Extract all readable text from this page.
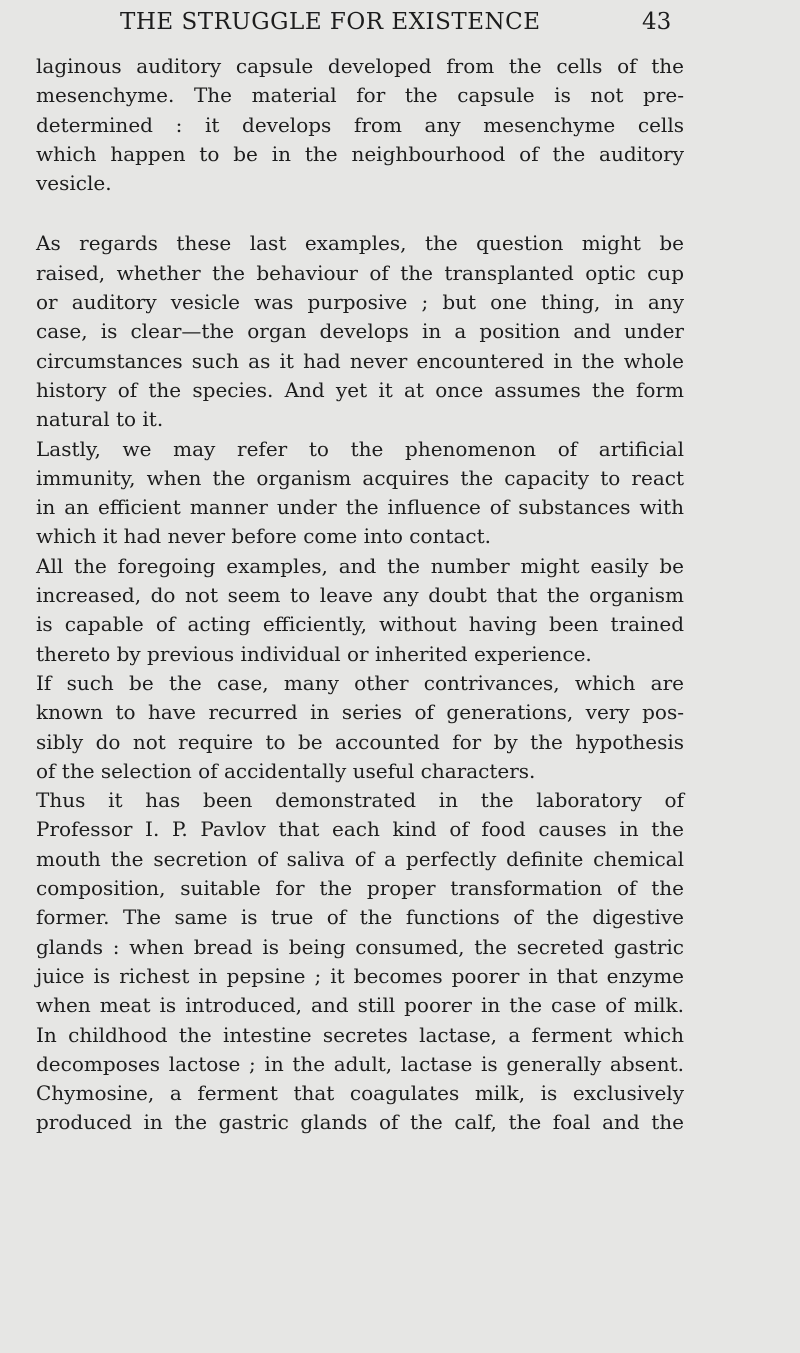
THE STRUGGLE FOR EXISTENCE	43
laginous auditory capsule developed from the cells of the
mesenchyme. The material for the capsule is not pre-
determined : it develops from any mesenchyme cells
which happen to be in the neighbourhood of the auditory
vesicle.
As regards these last examples, the question might be
raised, whether the behaviour of the transplanted optic cup
or auditory vesicle was purposive ; but one thing, in any
case, is clear—the organ develops in a position and under
circumstances such as it had never encountered in the whole
history of the species. And yet it at once assumes the form
natural to it.
Lastly, we may refer to the phenomenon of artificial
immunity, when the organism acquires the capacity to react
in an efficient manner under the influence of substances with
which it had never before come into contact.
All the foregoing examples, and the number might easily be
increased, do not seem to leave any doubt that the organism
is capable of acting efficiently, without having been trained
thereto by previous individual or inherited experience.
If such be the case, many other contrivances, which are
known to have recurred in series of generations, very pos-
sibly do not require to be accounted for by the hypothesis
of the selection of accidentally useful characters.
Thus it has been demonstrated in the laboratory of
Professor I. P. Pavlov that each kind of food causes in the
mouth the secretion of saliva of a perfectly definite chemical
composition, suitable for the proper transformation of the
former. The same is true of the functions of the digestive
glands : when bread is being consumed, the secreted gastric
juice is richest in pepsine ; it becomes poorer in that enzyme
when meat is introduced, and still poorer in the case of milk.
In childhood the intestine secretes lactase, a ferment which
decomposes lactose ; in the adult, lactase is generally absent.
Chymosine, a ferment that coagulates milk, is exclusively
produced in the gastric glands of the calf, the foal and the
